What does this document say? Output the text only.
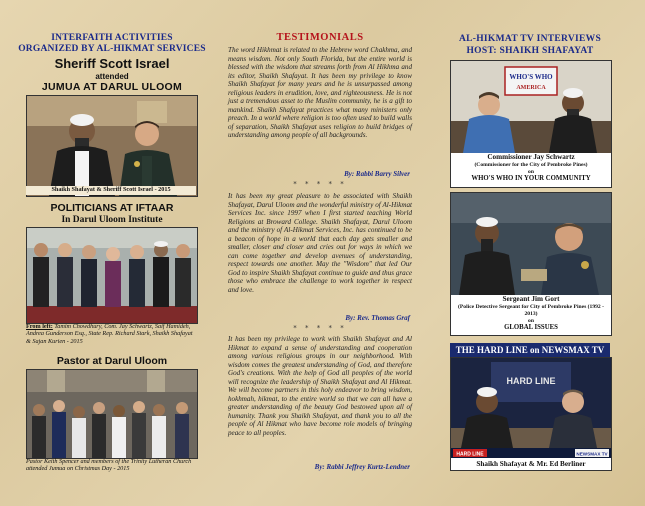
INTERFAITH ACTIVITIES
ORGANIZED BY AL-HIKMAT SERVICES
Sheriff Scott Israel
attended
JUMUA AT DARUL ULOOM
Shaikh Shafayat & Sheriff Scott Israel - 2015
POLITICIANS AT IFTAAR
In Darul Uloom Institute
From left: Tamim Chowdhury, Com. Jay Schwartz, Saif Hamideh, Andrea Gunderson Esq., State Rep. Richard Stark, Shaikh Shafayat & Sajan Kurien - 2015
Pastor at Darul Uloom
Pastor Keith Spencer and members of the Trinity Lutheran Church attended Jumua on Christmas Day - 2015
TESTIMONIALS
The word Hikhmat is related to the Hebrew word Chakhma, and means wisdom. Not only South Florida, but the entire world is blessed with the wisdom that streams forth from Al Hikhma and its editor, Shaikh Shafayat. It has been my privilege to know Shaikh Shafayat for many years and he is unsurpassed among religious leaders in erudition, love, and righteousness. He is not just a tremendous asset to the Muslim community, he is a gift to mankind. Shaikh Shafayat practices what many ministers only preach. In a world where religion is too often used to build walls of separation, Shaikh Shafayat uses religion to build bridges of understanding among people of all backgrounds.
By: Rabbi Barry Silver
* * * * *
It has been my great pleasure to be associated with Shaikh Shafayat, Darul Uloom and the wonderful ministry of Al-Hikmat Services Inc. since 1997 when I first started teaching World Religions at Broward College. Shaikh Shafayat, Darul Uloom and the ministry of Al-Hikmat Services, Inc. has continued to be a beacon of hope in a world that each day gets smaller and smaller, closer and closer and cries out for ways in which we can come together and develop avenues of understanding, respect towards one another. May the "Wisdom" that led Our God to inspire Shaikh Shafayat continue to guide and thus grace those who embrace the challenge to work together in respect and love.
By: Rev. Thomas Graf
* * * * *
It has been my privilege to work with Shaikh Shafayat and Al Hikmat to expand a sense of understanding and cooperation among various religious groups in our neighborhood. With wisdom comes the greatest understanding of God, and therefore God's creations. With the help of God all peoples of the world will recognize the leadership of Shaikh Shafayat and Al Hikmat. We will become partners in this holy endeavor to bring wisdom, hokhmah, hikmat, to the entire world so that we can all have a greater understanding of the beauty God bestowed upon all of humanity. Thank you Shaikh Shafayat, and thank you to all the people of Al Hikmat who have become role models of bringing peace to all peoples.
By: Rabbi Jeffrey Kurtz-Lendner
AL-HIKMAT TV INTERVIEWS
HOST: SHAIKH SHAFAYAT
WHO'S WHO
AMERICA
Commissioner Jay Schwartz
(Commissioner for the City of Pembroke Pines)
on
WHO'S WHO IN YOUR COMMUNITY
Sergeant Jim Gort
(Police Detective Sergeant for City of Pembroke Pines (1992 - 2013)
on
GLOBAL ISSUES
THE HARD LINE on NEWSMAX TV
HARD LINE
HARD LINE	NEWSMAX TV
Shaikh Shafayat & Mr. Ed Berliner
